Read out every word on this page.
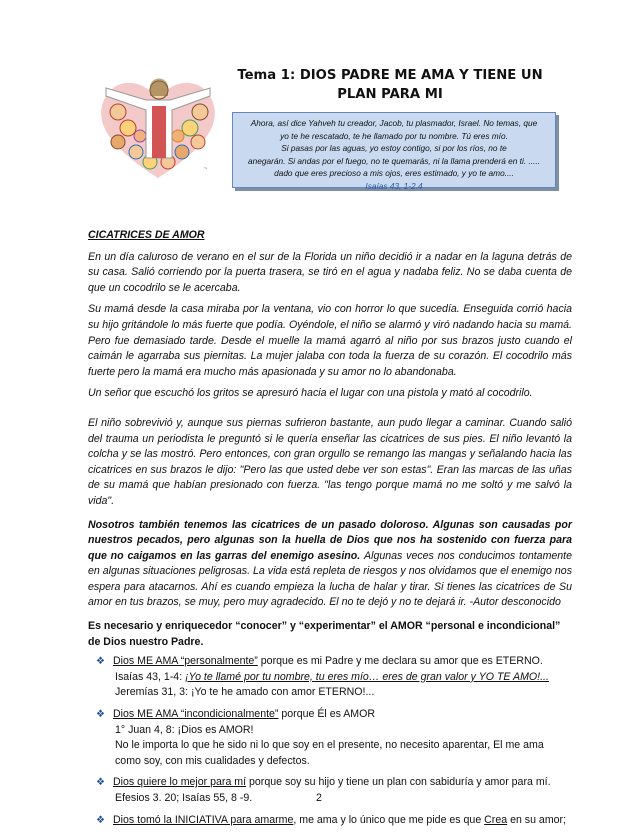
~
Tema 1: DIOS PADRE ME AMA Y TIENE UN
PLAN PARA MI
Ahora, así dice Yahveh tu creador, Jacob, tu plasmador, Israel. No temas, que
yo te he rescatado, te he llamado por tu nombre. Tú eres mío.
Si pasas por las aguas, yo estoy contigo, si por los ríos, no te
anegarán. Si andas por el fuego, no te quemarás, ni la llama prenderá en ti. .....
dado que eres precioso a mis ojos, eres estimado, y yo te amo....
Isaías 43, 1-2.4
CICATRICES DE AMOR

En un día caluroso de verano en el sur de la Florida un niño decidió ir a nadar en la laguna detrás de su casa. Salió corriendo por la puerta trasera, se tiró en el agua y nadaba feliz. No se daba cuenta de que un cocodrilo se le acercaba.

Su mamá desde la casa miraba por la ventana, vio con horror lo que sucedía. Enseguida corrió hacia su hijo gritándole lo más fuerte que podía. Oyéndole, el niño se alarmó y viró nadando hacia su mamá. Pero fue demasiado tarde. Desde el muelle la mamá agarró al niño por sus brazos justo cuando el caimán le agarraba sus piernitas. La mujer jalaba con toda la fuerza de su corazón. El cocodrilo más fuerte pero la mamá era mucho más apasionada y su amor no lo abandonaba.

Un señor que escuchó los gritos se apresuró hacia el lugar con una pistola y mató al cocodrilo.

El niño sobrevivió y, aunque sus piernas sufrieron bastante, aun pudo llegar a caminar. Cuando salió del trauma un periodista le preguntó si le quería enseñar las cicatrices de sus pies. El niño levantó la colcha y se las mostró. Pero entonces, con gran orgullo se remango las mangas y señalando hacia las cicatrices en sus brazos le dijo: "Pero las que usted debe ver son estas". Eran las marcas de las uñas de su mamá que habían presionado con fuerza. "las tengo porque mamá no me soltó y me salvó la vida".

Nosotros también tenemos las cicatrices de un pasado doloroso. Algunas son causadas por nuestros pecados, pero algunas son la huella de Dios que nos ha sostenido con fuerza para que no caigamos en las garras del enemigo asesino. Algunas veces nos conducimos tontamente en algunas situaciones peligrosas. La vida está repleta de riesgos y nos olvidamos que el enemigo nos espera para atacarnos. Ahí es cuando empieza la lucha de halar y tirar. Si tienes las cicatrices de Su amor en tus brazos, se muy, pero muy agradecido. El no te dejó y no te dejará ir. -Autor desconocido

Es necesario y enriquecedor “conocer” y “experimentar” el AMOR “personal e incondicional” de Dios nuestro Padre.

❖ Dios ME AMA “personalmente” porque es mi Padre y me declara su amor que es ETERNO.
Isaías 43, 1-4: ¡Yo te llamé por tu nombre, tu eres mío… eres de gran valor y YO TE AMO!...
Jeremías 31, 3: ¡Yo te he amado con amor ETERNO!...
❖ Dios ME AMA “incondicionalmente” porque Él es AMOR
1° Juan 4, 8: ¡Dios es AMOR!
No le importa lo que he sido ni lo que soy en el presente, no necesito aparentar, El me ama
como soy, con mis cualidades y defectos.
❖ Dios quiere lo mejor para mí porque soy su hijo y tiene un plan con sabiduría y amor para mí.
Efesios 3. 20; Isaías 55, 8 -9.
❖ Dios tomó la INICIATIVA para amarme, me ama y lo único que me pide es que Crea en su amor;
2
